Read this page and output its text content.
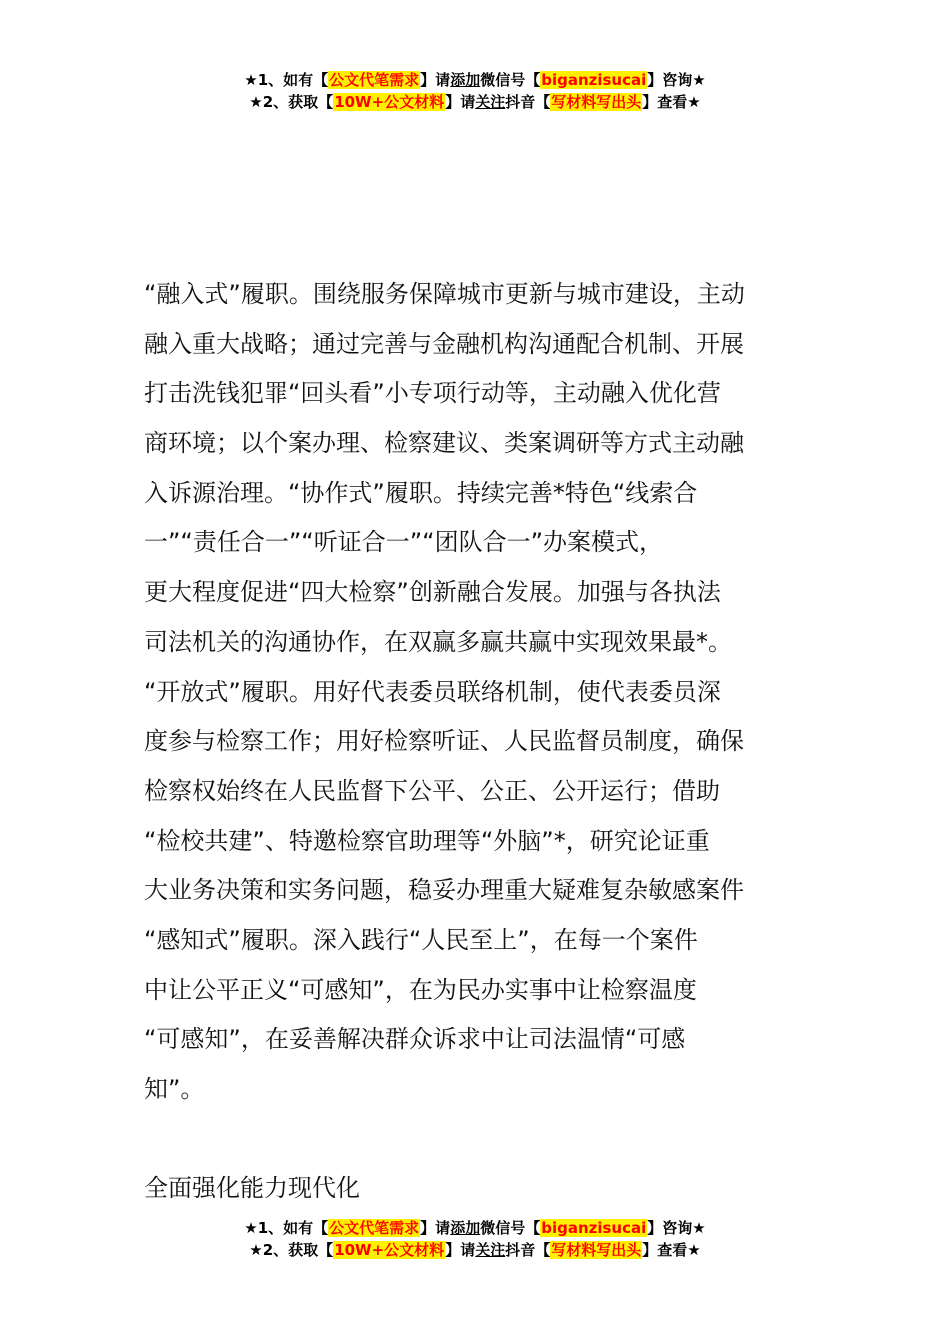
★1、如有【公文代笔需求】请添加微信号【biganzisucai】咨询★
★2、获取【10W+公文材料】请关注抖音【写材料写出头】查看★
“融入式”履职。围绕服务保障城市更新与城市建设，主动
融入重大战略；通过完善与金融机构沟通配合机制、开展
打击洗钱犯罪“回头看”小专项行动等，主动融入优化营
商环境；以个案办理、检察建议、类案调研等方式主动融
入诉源治理。“协作式”履职。持续完善*特色“线索合
一”“责任合一”“听证合一”“团队合一”办案模式，
更大程度促进“四大检察”创新融合发展。加强与各执法
司法机关的沟通协作，在双赢多赢共赢中实现效果最*。
“开放式”履职。用好代表委员联络机制，使代表委员深
度参与检察工作；用好检察听证、人民监督员制度，确保
检察权始终在人民监督下公平、公正、公开运行；借助
“检校共建”、特邀检察官助理等“外脑”*，研究论证重
大业务决策和实务问题，稳妥办理重大疑难复杂敏感案件
“感知式”履职。深入践行“人民至上”，在每一个案件
中让公平正义“可感知”，在为民办实事中让检察温度
“可感知”，在妥善解决群众诉求中让司法温情“可感
知”。
全面强化能力现代化
★1、如有【公文代笔需求】请添加微信号【biganzisucai】咨询★
★2、获取【10W+公文材料】请关注抖音【写材料写出头】查看★
